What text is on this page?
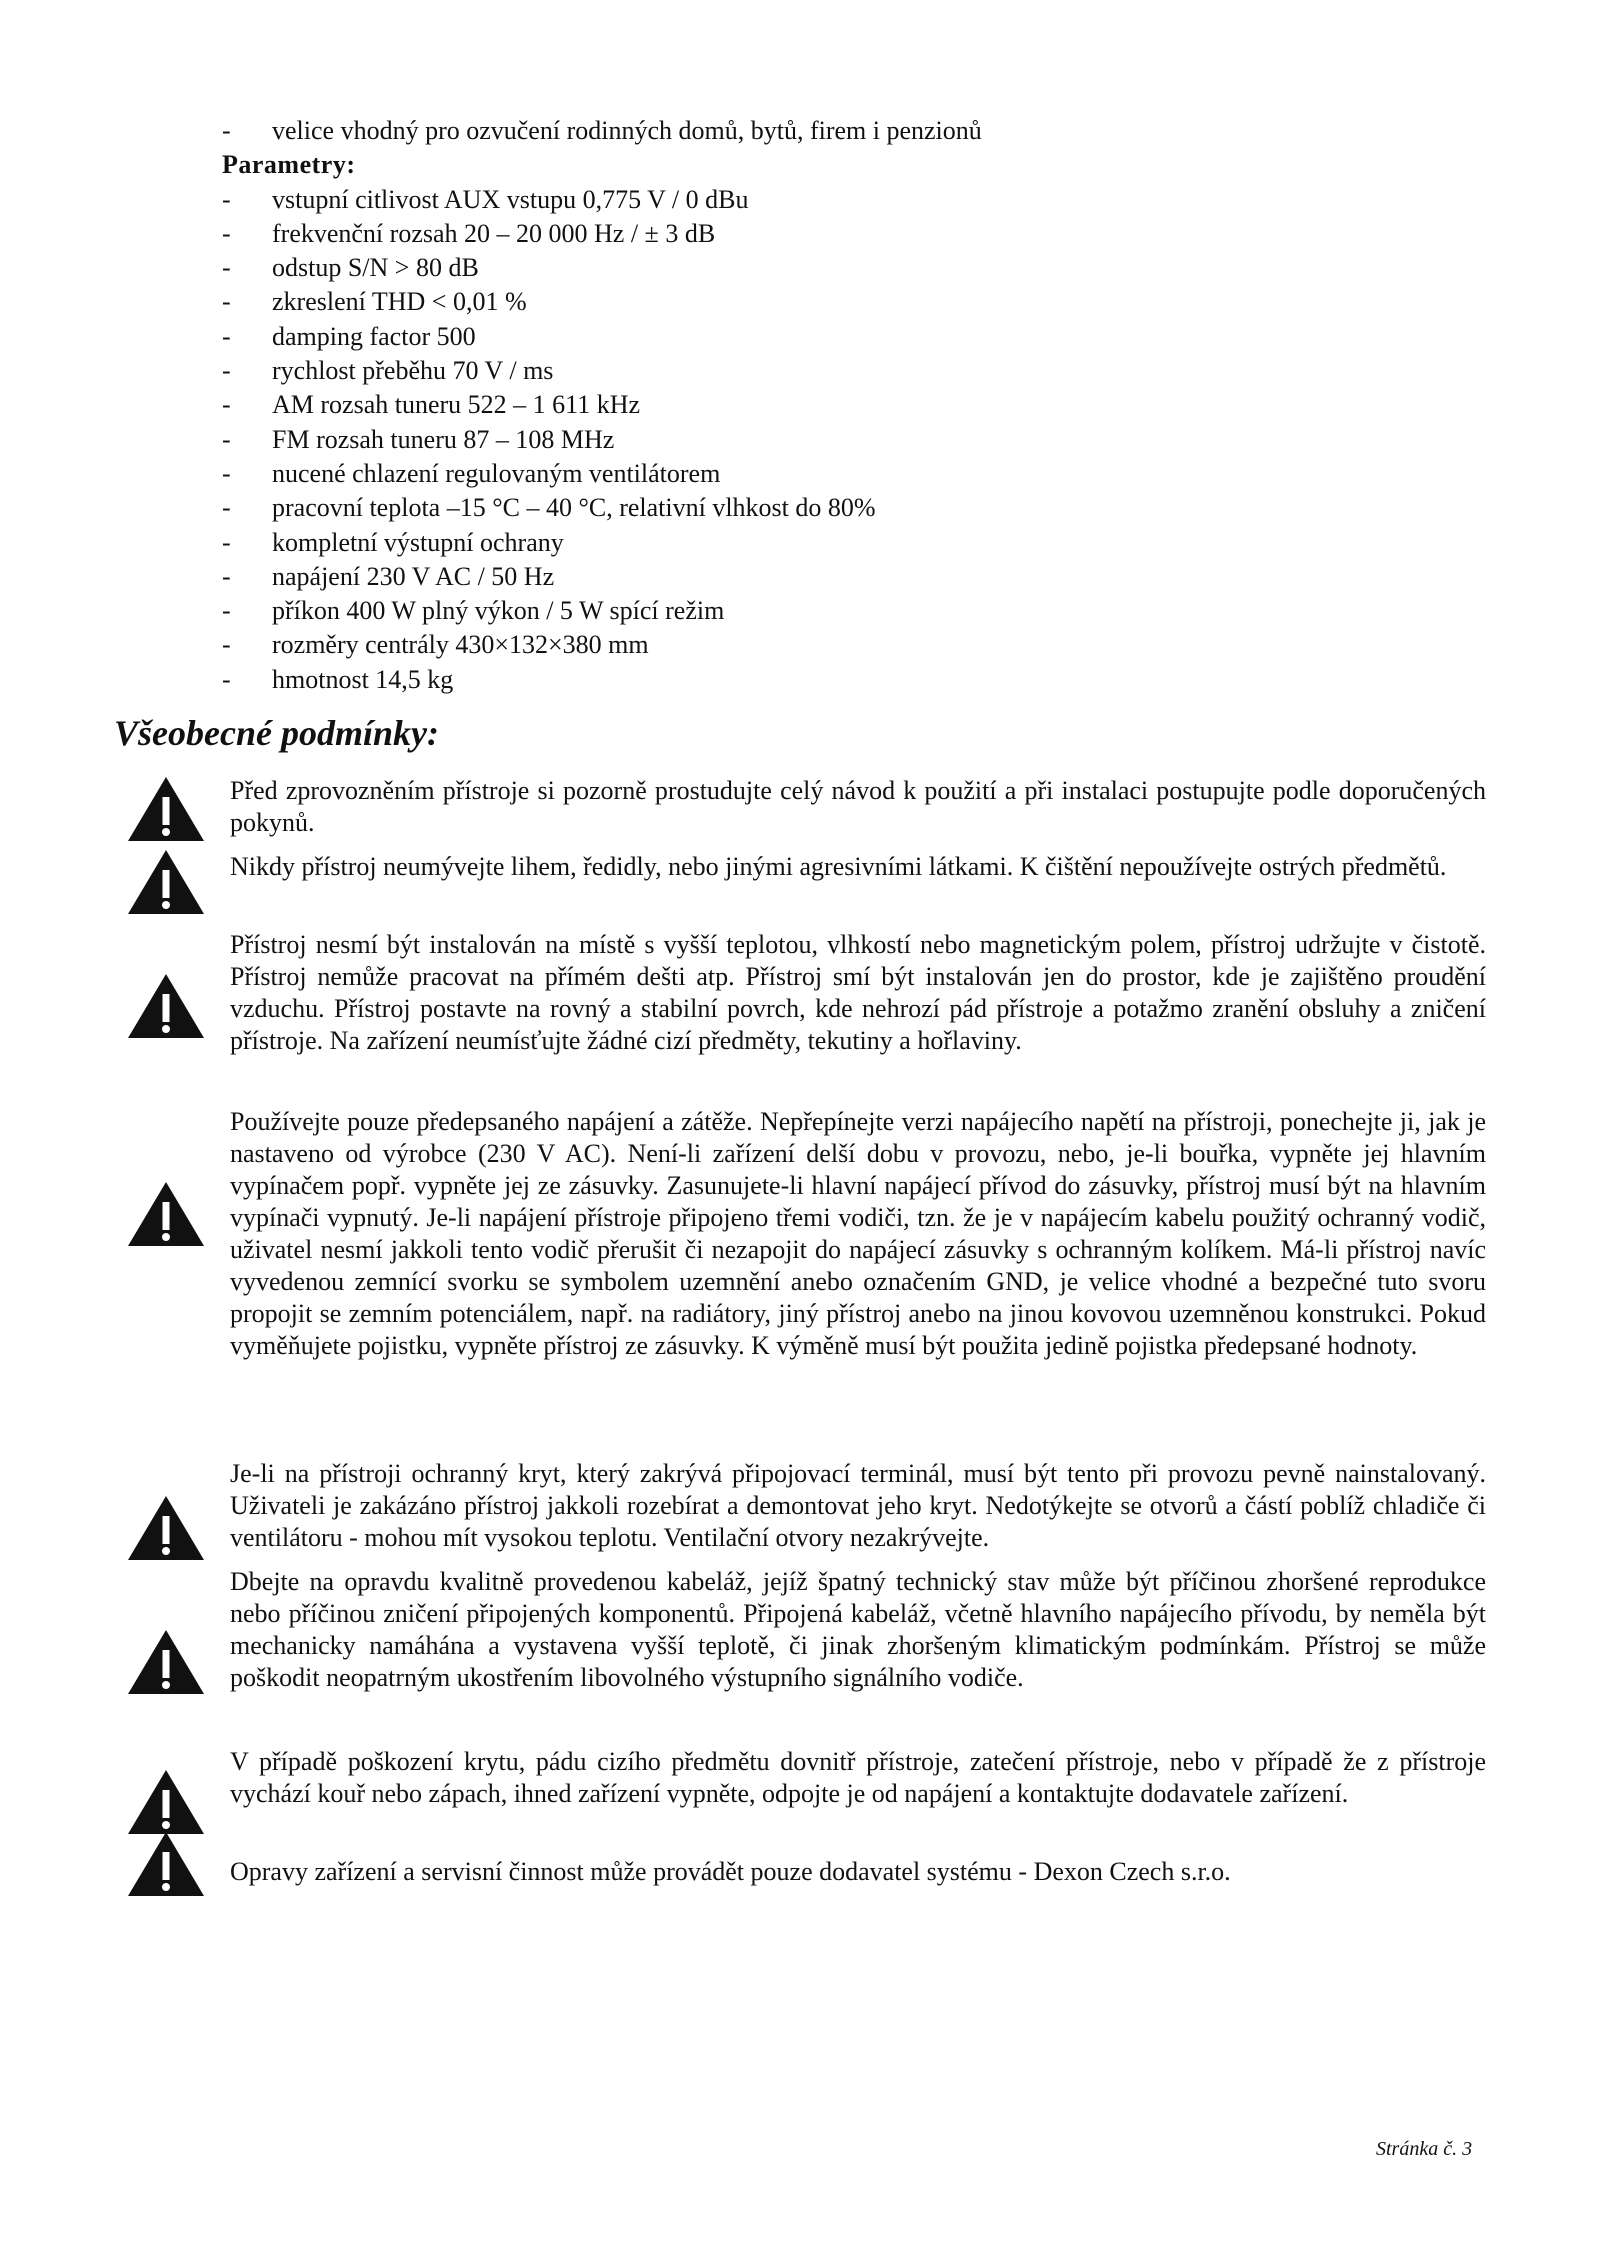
- velice vhodný pro ozvučení rodinných domů, bytů, firem i penzionů
Parametry:
- vstupní citlivost AUX vstupu 0,775 V / 0 dBu
- frekvenční rozsah 20 – 20 000 Hz / ± 3 dB
- odstup S/N > 80 dB
- zkreslení THD < 0,01 %
- damping factor 500
- rychlost přeběhu 70 V / ms
- AM rozsah tuneru 522 – 1 611 kHz
- FM rozsah tuneru 87 – 108 MHz
- nucené chlazení regulovaným ventilátorem
- pracovní teplota –15 °C – 40 °C, relativní vlhkost do 80%
- kompletní výstupní ochrany
- napájení 230 V AC / 50 Hz
- příkon 400 W plný výkon / 5 W spící režim
- rozměry centrály 430×132×380 mm
- hmotnost 14,5 kg
Všeobecné podmínky:

Před zprovozněním přístroje si pozorně prostudujte celý návod k použití a při instalaci postupujte podle doporučených pokynů.

Nikdy přístroj neumývejte lihem, ředidly, nebo jinými agresivními látkami. K čištění nepoužívejte ostrých předmětů.

Přístroj nesmí být instalován na místě s vyšší teplotou, vlhkostí nebo magnetickým polem, přístroj udržujte v čistotě. Přístroj nemůže pracovat na přímém dešti atp. Přístroj smí být instalován jen do prostor, kde je zajištěno proudění vzduchu. Přístroj postavte na rovný a stabilní povrch, kde nehrozí pád přístroje a potažmo zranění obsluhy a zničení přístroje. Na zařízení neumísťujte žádné cizí předměty, tekutiny a hořlaviny.

Používejte pouze předepsaného napájení a zátěže. Nepřepínejte verzi napájecího napětí na přístroji, ponechejte ji, jak je nastaveno od výrobce (230 V AC). Není-li zařízení delší dobu v provozu, nebo, je-li bouřka, vypněte jej hlavním vypínačem popř. vypněte jej ze zásuvky. Zasunujete-li hlavní napájecí přívod do zásuvky, přístroj musí být na hlavním vypínači vypnutý. Je-li napájení přístroje připojeno třemi vodiči, tzn. že je v napájecím kabelu použitý ochranný vodič, uživatel nesmí jakkoli tento vodič přerušit či nezapojit do napájecí zásuvky s ochranným kolíkem. Má-li přístroj navíc vyvedenou zemnící svorku se symbolem uzemnění anebo označením GND, je velice vhodné a bezpečné tuto svoru propojit se zemním potenciálem, např. na radiátory, jiný přístroj anebo na jinou kovovou uzemněnou konstrukci. Pokud vyměňujete pojistku, vypněte přístroj ze zásuvky. K výměně musí být použita jedině pojistka předepsané hodnoty.

Je-li na přístroji ochranný kryt, který zakrývá připojovací terminál, musí být tento při provozu pevně nainstalovaný. Uživateli je zakázáno přístroj jakkoli rozebírat a demontovat jeho kryt. Nedotýkejte se otvorů a částí poblíž chladiče či ventilátoru - mohou mít vysokou teplotu. Ventilační otvory nezakrývejte.

Dbejte na opravdu kvalitně provedenou kabeláž, jejíž špatný technický stav může být příčinou zhoršené reprodukce nebo příčinou zničení připojených komponentů. Připojená kabeláž, včetně hlavního napájecího přívodu, by neměla být mechanicky namáhána a vystavena vyšší teplotě, či jinak zhoršeným klimatickým podmínkám. Přístroj se může poškodit neopatrným ukostřením libovolného výstupního signálního vodiče.

V případě poškození krytu, pádu cizího předmětu dovnitř přístroje, zatečení přístroje, nebo v případě že z přístroje vychází kouř nebo zápach, ihned zařízení vypněte, odpojte je od napájení a kontaktujte dodavatele zařízení.

Opravy zařízení a servisní činnost může provádět pouze dodavatel systému - Dexon Czech s.r.o.

Stránka č. 3
